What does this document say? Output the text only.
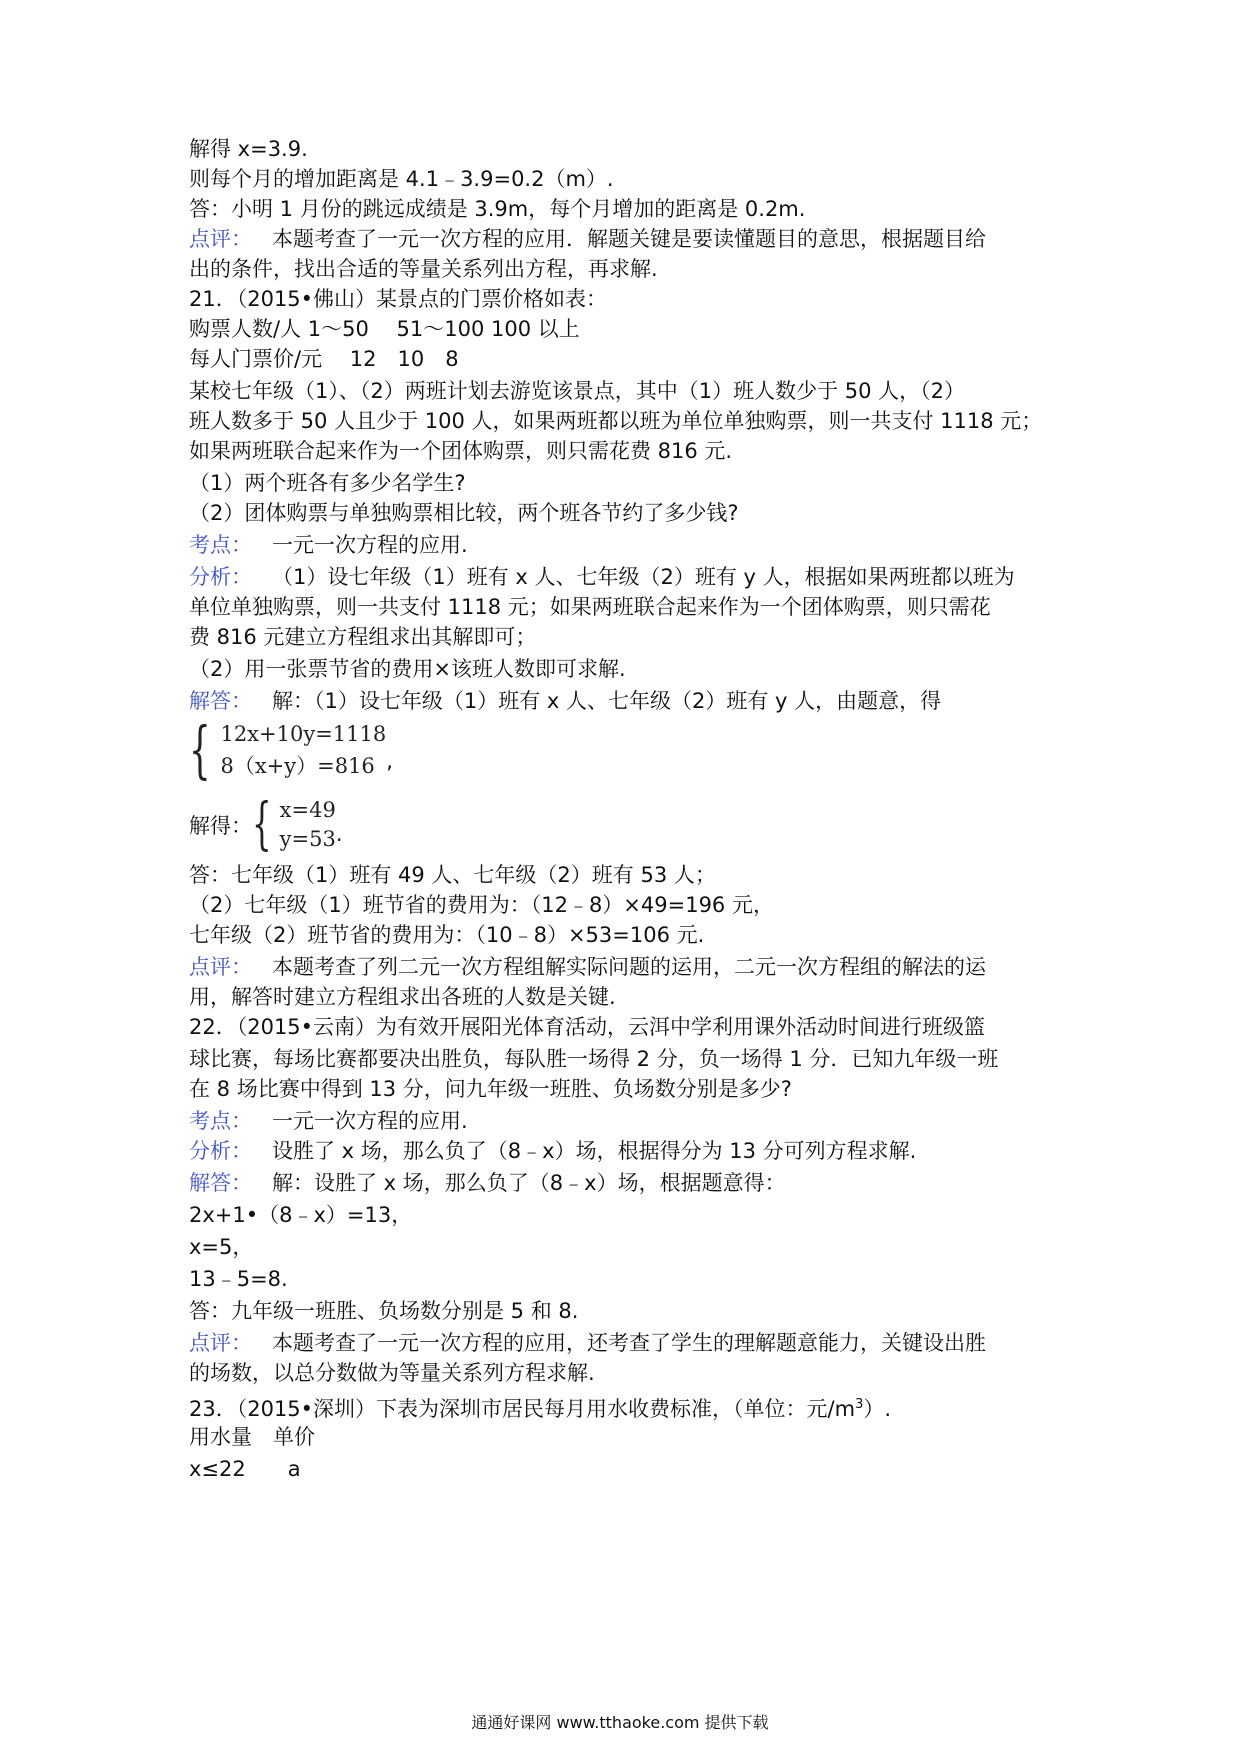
解得 x=3.9.
则每个月的增加距离是 4.1﹣3.9=0.2（m）.
答：小明 1 月份的跳远成绩是 3.9m，每个月增加的距离是 0.2m.
点评： 本题考查了一元一次方程的应用．解题关键是要读懂题目的意思，根据题目给
出的条件，找出合适的等量关系列出方程，再求解.
21．（2015•佛山）某景点的门票价格如表：
购票人数/人 1～50　 51～100 100 以上
每人门票价/元　 12　10　8
某校七年级（1）、（2）两班计划去游览该景点，其中（1）班人数少于 50 人，（2）
班人数多于 50 人且少于 100 人，如果两班都以班为单位单独购票，则一共支付 1118 元；
如果两班联合起来作为一个团体购票，则只需花费 816 元.
（1）两个班各有多少名学生?
（2）团体购票与单独购票相比较，两个班各节约了多少钱?
考点： 一元一次方程的应用.
分析： （1）设七年级（1）班有 x 人、七年级（2）班有 y 人，根据如果两班都以班为
单位单独购票，则一共支付 1118 元；如果两班联合起来作为一个团体购票，则只需花
费 816 元建立方程组求出其解即可；
（2）用一张票节省的费用×该班人数即可求解.
解答： 解：（1）设七年级（1）班有 x 人、七年级（2）班有 y 人，由题意，得
{ 12x+10y=1118
8（x+y）=816 ,
解得： { x=49
y=53 .
答：七年级（1）班有 49 人、七年级（2）班有 53 人；
（2）七年级（1）班节省的费用为：（12﹣8）×49=196 元，
七年级（2）班节省的费用为：（10﹣8）×53=106 元.
点评： 本题考查了列二元一次方程组解实际问题的运用，二元一次方程组的解法的运
用，解答时建立方程组求出各班的人数是关键.
22．（2015•云南）为有效开展阳光体育活动，云洱中学利用课外活动时间进行班级篮
球比赛，每场比赛都要决出胜负，每队胜一场得 2 分，负一场得 1 分．已知九年级一班
在 8 场比赛中得到 13 分，问九年级一班胜、负场数分别是多少?
考点： 一元一次方程的应用.
分析： 设胜了 x 场，那么负了（8﹣x）场，根据得分为 13 分可列方程求解.
解答： 解：设胜了 x 场，那么负了（8﹣x）场，根据题意得：
2x+1•（8﹣x）=13，
x=5，
13﹣5=8.
答：九年级一班胜、负场数分别是 5 和 8.
点评： 本题考查了一元一次方程的应用，还考查了学生的理解题意能力，关键设出胜
的场数，以总分数做为等量关系列方程求解.
23．（2015•深圳）下表为深圳市居民每月用水收费标准，（单位：元$/m^3$）.
用水量　单价
x≤22　　a
通通好课网 www.tthaoke.com 提供下载
